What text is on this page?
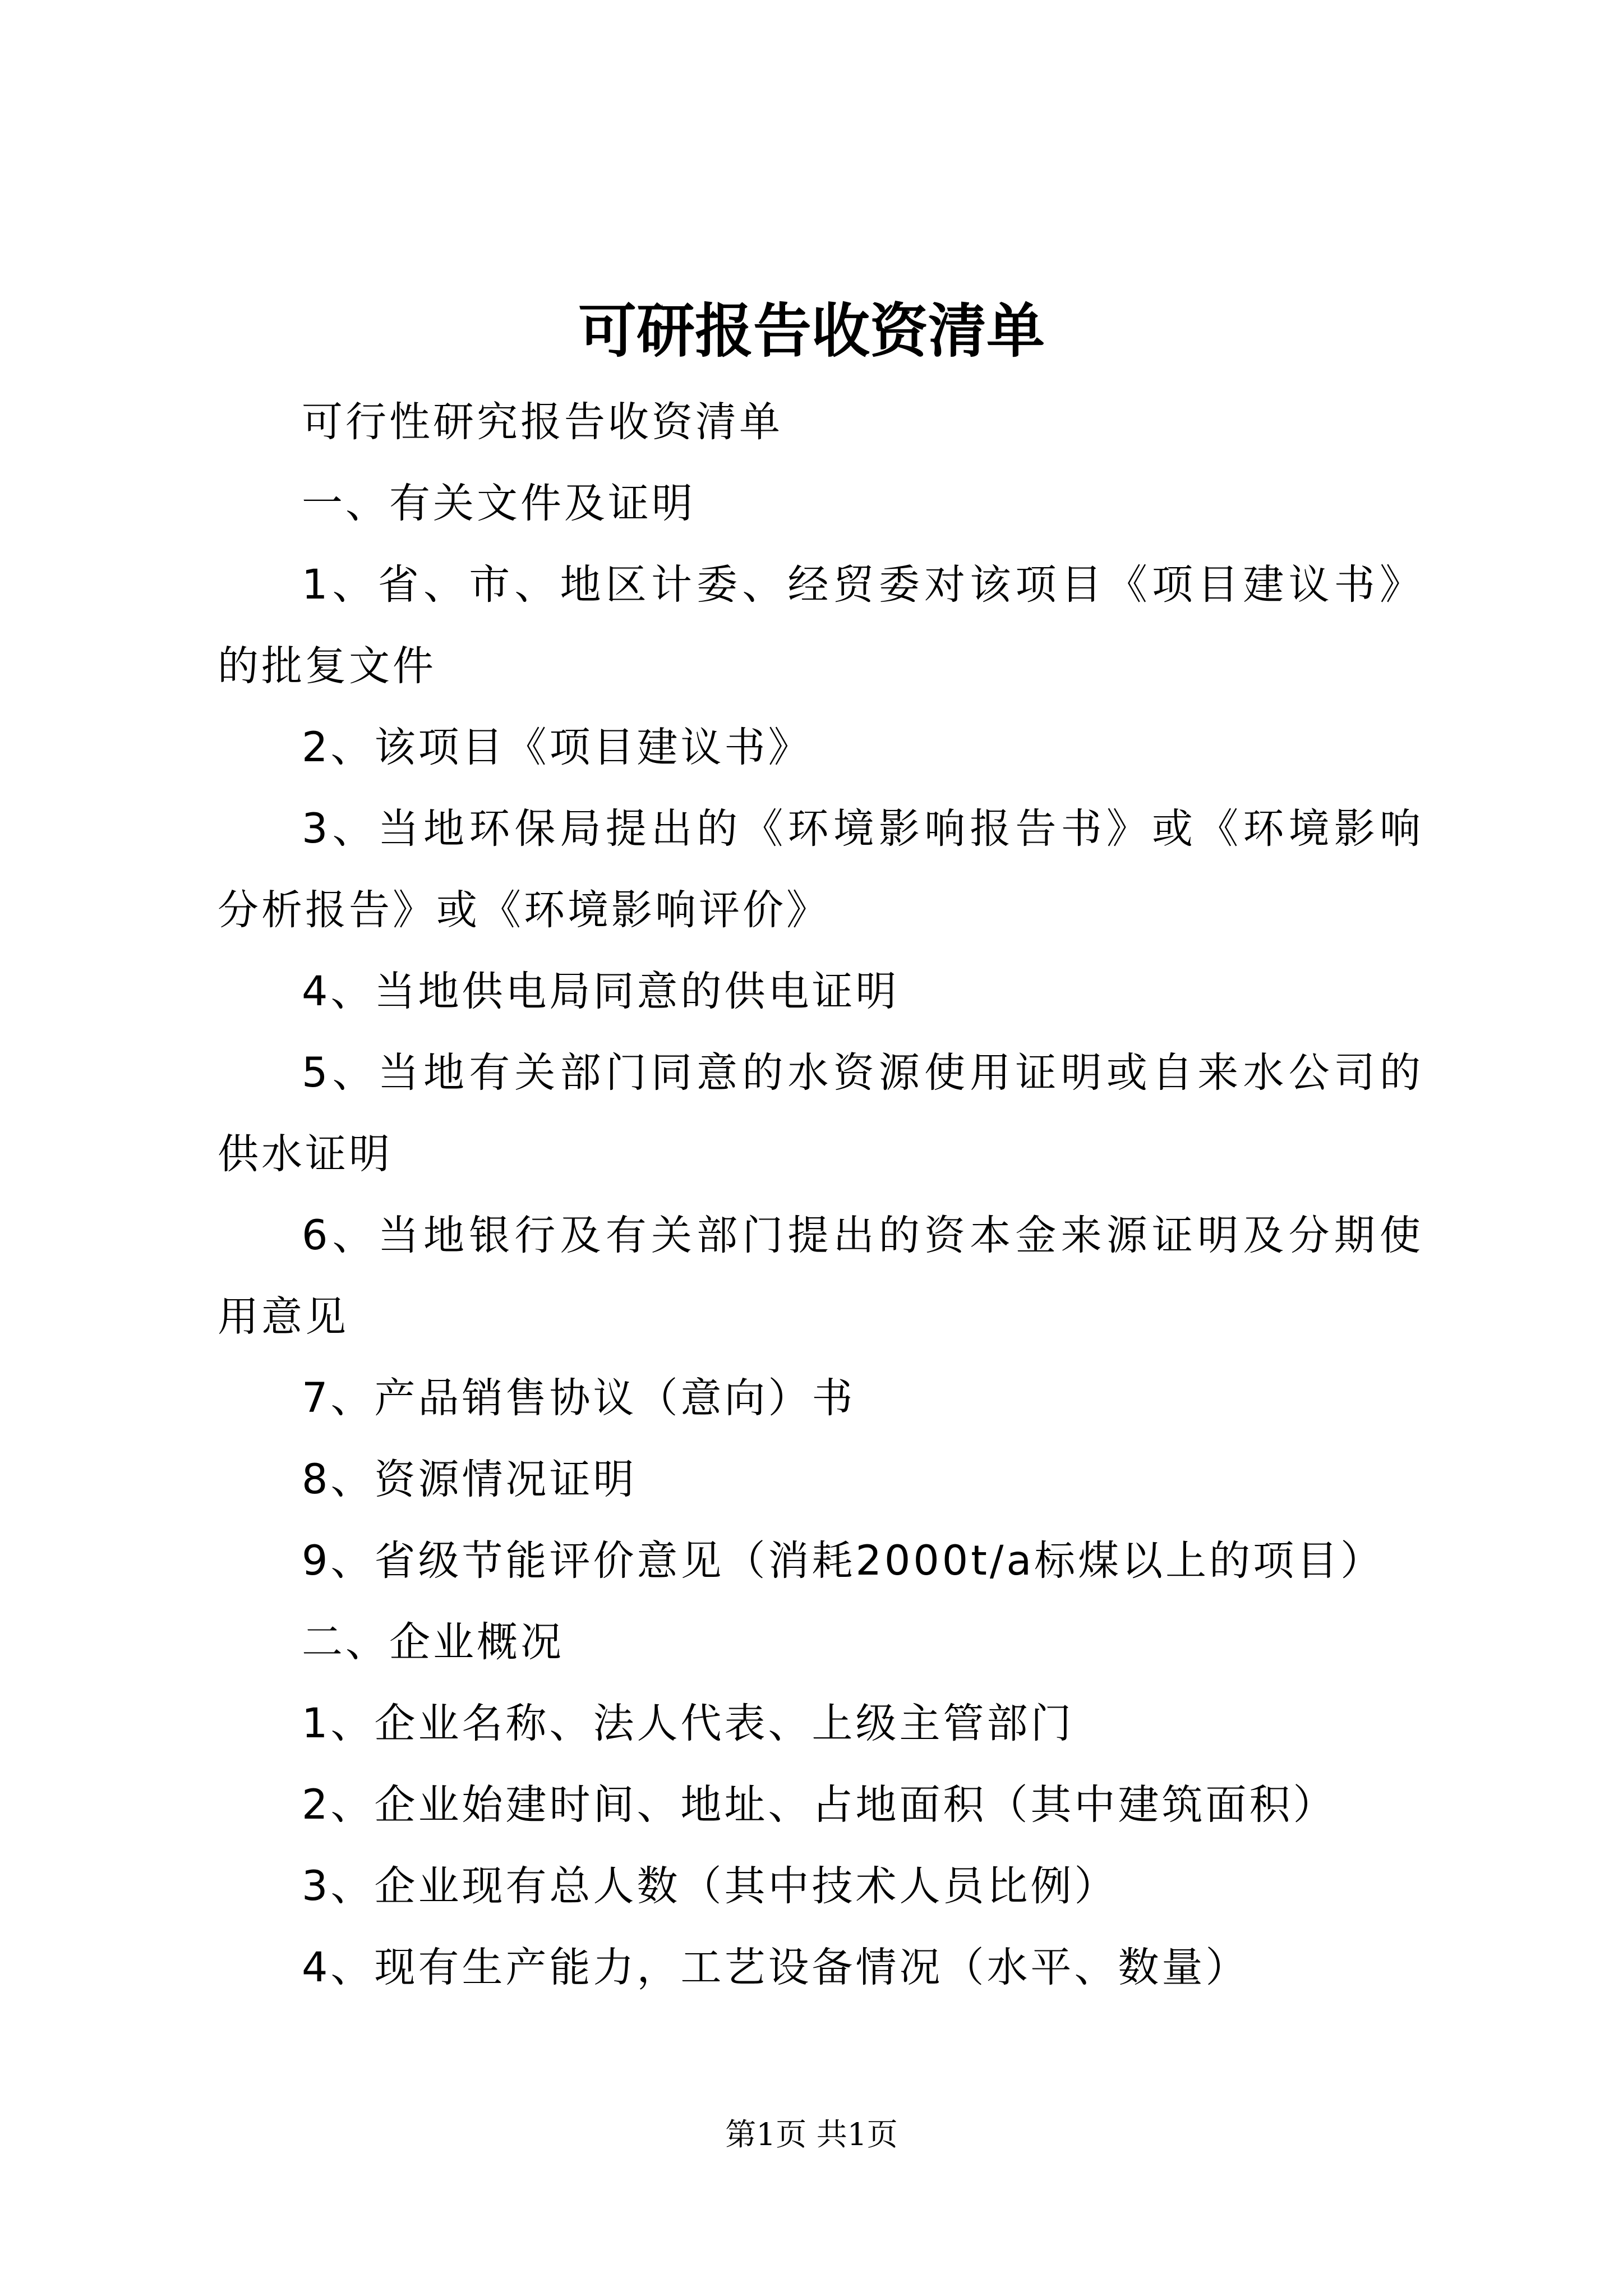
可研报告收资清单

可行性研究报告收资清单

一、有关文件及证明

1、省、市、地区计委、经贸委对该项目《项目建议书》的批复文件

2、该项目《项目建议书》

3、当地环保局提出的《环境影响报告书》或《环境影响分析报告》或《环境影响评价》

4、当地供电局同意的供电证明

5、当地有关部门同意的水资源使用证明或自来水公司的供水证明

6、当地银行及有关部门提出的资本金来源证明及分期使用意见

7、产品销售协议（意向）书

8、资源情况证明

9、省级节能评价意见（消耗2000t/a标煤以上的项目）

二、企业概况

1、企业名称、法人代表、上级主管部门

2、企业始建时间、地址、占地面积（其中建筑面积）

3、企业现有总人数（其中技术人员比例）

4、现有生产能力，工艺设备情况（水平、数量）

第1页 共1页
